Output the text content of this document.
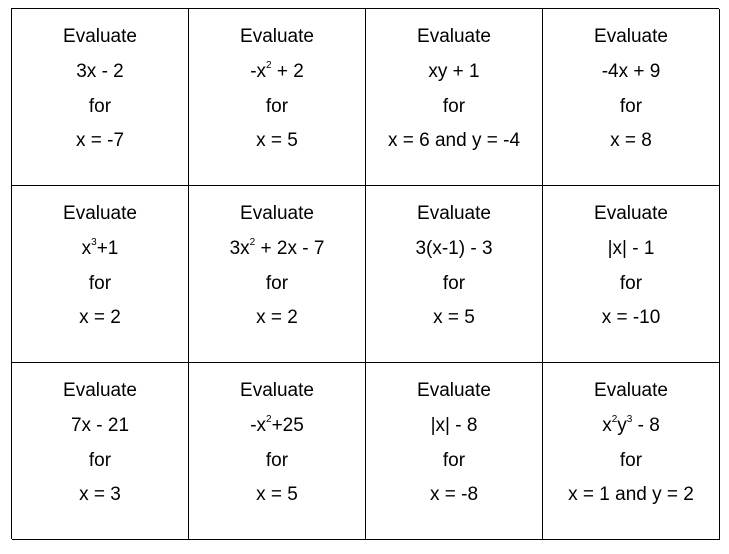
Evaluate
3x - 2
for
x = -7
Evaluate
$-x^2 + 2$
for
x = 5
Evaluate
xy + 1
for
x = 6 and y = -4
Evaluate
-4x + 9
for
x = 8
Evaluate
$x^3+1$
for
x = 2
Evaluate
$3x^2 + 2x - 7$
for
x = 2
Evaluate
3(x-1) - 3
for
x = 5
Evaluate
|x| - 1
for
x = -10
Evaluate
7x - 21
for
x = 3
Evaluate
$-x^2+25$
for
x = 5
Evaluate
|x| - 8
for
x = -8
Evaluate
$x^2y^3 - 8$
for
x = 1 and y = 2
